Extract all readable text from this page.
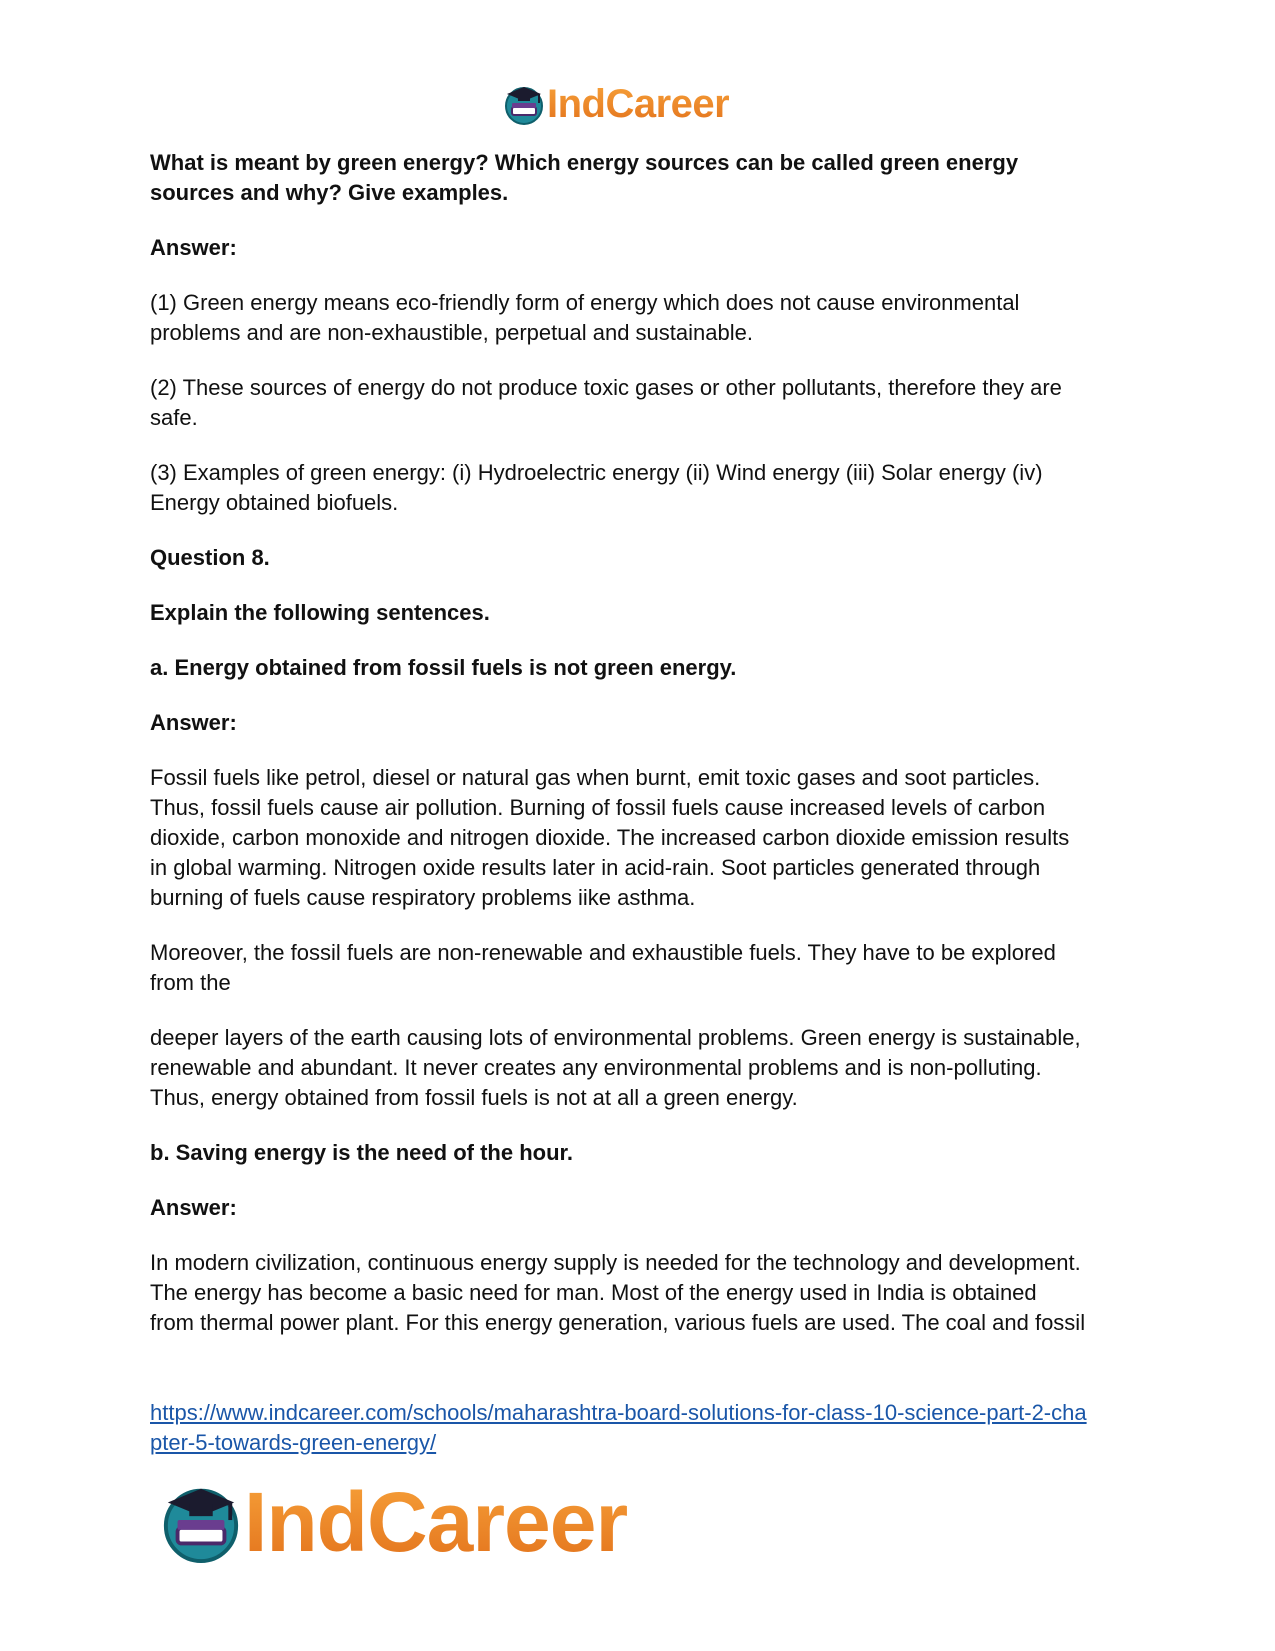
IndCareer

What is meant by green energy? Which energy sources can be called green energy
sources and why? Give examples.

Answer:

(1) Green energy means eco-friendly form of energy which does not cause environmental
problems and are non-exhaustible, perpetual and sustainable.

(2) These sources of energy do not produce toxic gases or other pollutants, therefore they are
safe.

(3) Examples of green energy: (i) Hydroelectric energy (ii) Wind energy (iii) Solar energy (iv)
Energy obtained biofuels.

Question 8.

Explain the following sentences.

a. Energy obtained from fossil fuels is not green energy.

Answer:

Fossil fuels like petrol, diesel or natural gas when burnt, emit toxic gases and soot particles.
Thus, fossil fuels cause air pollution. Burning of fossil fuels cause increased levels of carbon
dioxide, carbon monoxide and nitrogen dioxide. The increased carbon dioxide emission results
in global warming. Nitrogen oxide results later in acid-rain. Soot particles generated through
burning of fuels cause respiratory problems iike asthma.

Moreover, the fossil fuels are non-renewable and exhaustible fuels. They have to be explored
from the

deeper layers of the earth causing lots of environmental problems. Green energy is sustainable,
renewable and abundant. It never creates any environmental problems and is non-polluting.
Thus, energy obtained from fossil fuels is not at all a green energy.

b. Saving energy is the need of the hour.

Answer:

In modern civilization, continuous energy supply is needed for the technology and development.
The energy has become a basic need for man. Most of the energy used in India is obtained
from thermal power plant. For this energy generation, various fuels are used. The coal and fossil

https://www.indcareer.com/schools/maharashtra-board-solutions-for-class-10-science-part-2-cha
pter-5-towards-green-energy/
IndCareer
